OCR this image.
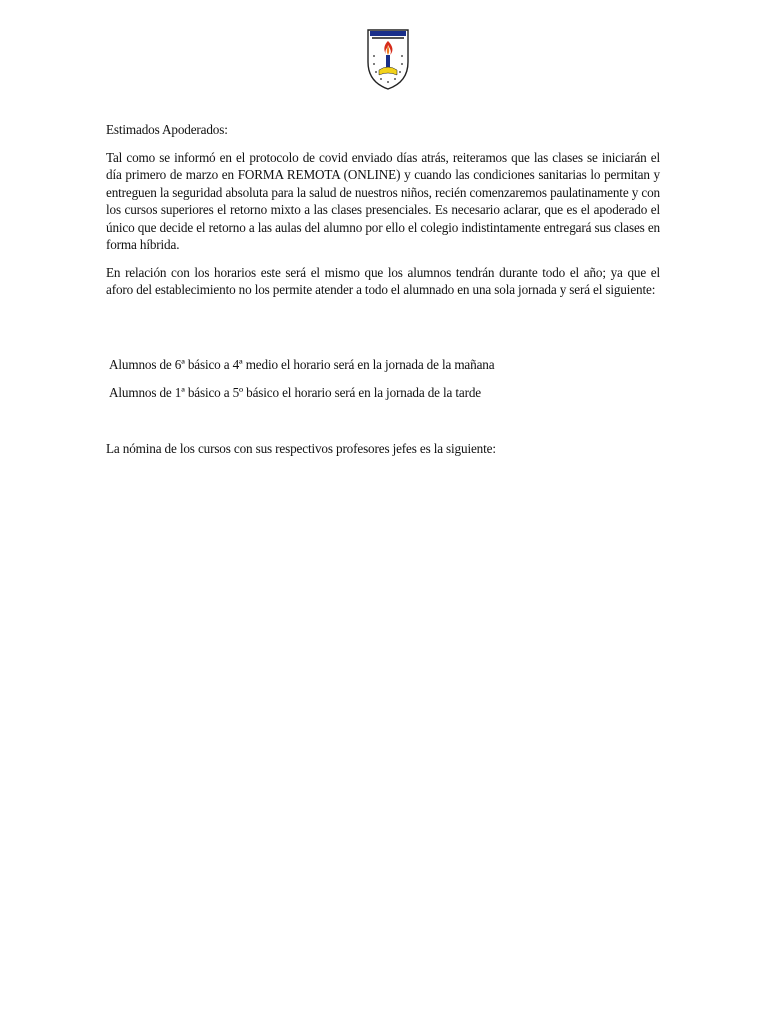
Estimados Apoderados:
Tal como se informó en el protocolo de covid enviado días atrás, reiteramos que las clases se iniciarán el día primero de marzo en FORMA REMOTA (ONLINE) y cuando las condiciones sanitarias lo permitan y entreguen la seguridad absoluta para la salud de nuestros niños, recién comenzaremos paulatinamente y con los cursos superiores el retorno mixto a las clases presenciales. Es necesario aclarar, que es el apoderado el único que decide el retorno a las aulas del alumno por ello el colegio indistintamente entregará sus clases en forma híbrida.
En relación con los horarios este será el mismo que los alumnos tendrán durante todo el año; ya que el aforo del establecimiento no los permite atender a todo el alumnado en una sola jornada y será el siguiente:
Alumnos de 6ª básico a 4ª medio el horario será en la jornada de la mañana
Alumnos de 1ª básico a 5º básico el horario será en la jornada de la tarde
La nómina de los cursos con sus respectivos profesores jefes es la siguiente:
